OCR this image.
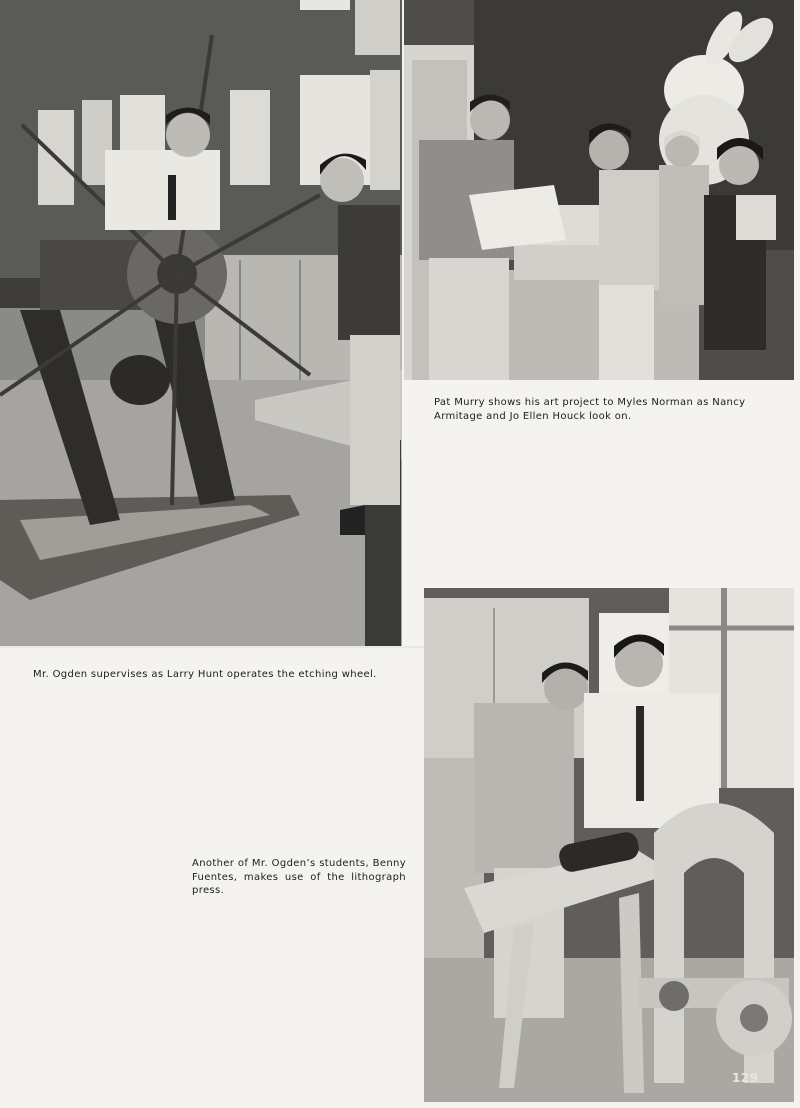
Mr. Ogden supervises as Larry Hunt operates the etching wheel.
Pat Murry shows his art project to Myles Norman as Nancy Armitage and Jo Ellen Houck look on.
Another of Mr. Ogden’s students, Benny Fuentes, makes use of the lithograph press.
129
